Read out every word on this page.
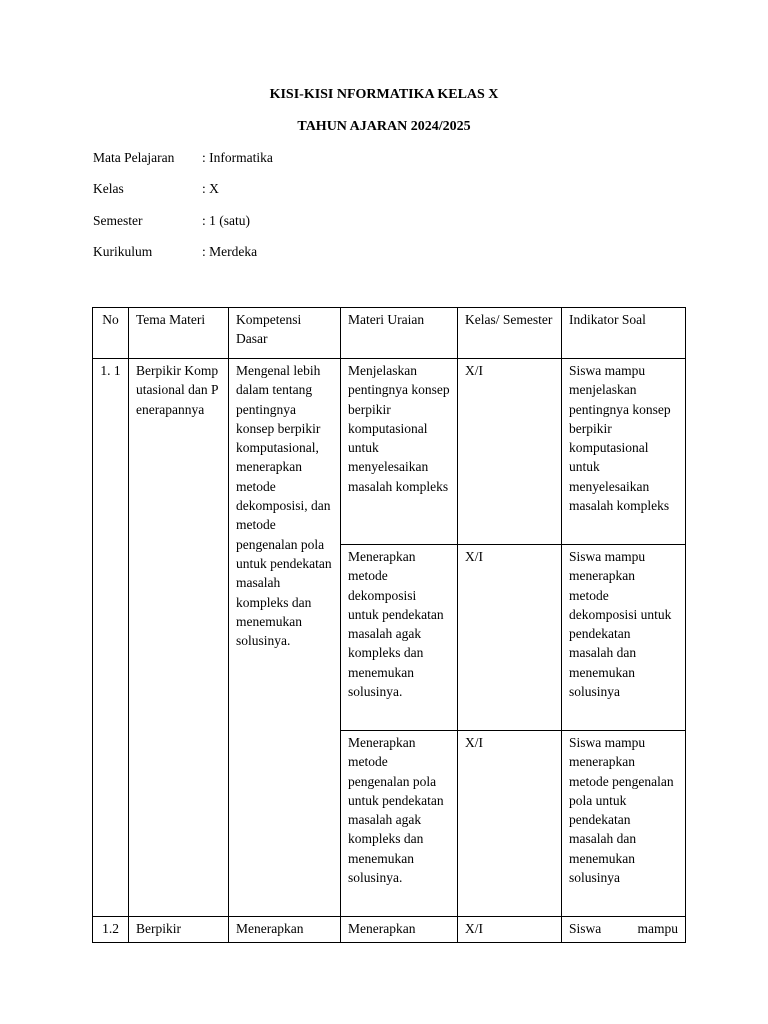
KISI-KISI NFORMATIKA KELAS X
TAHUN AJARAN 2024/2025
Mata Pelajaran : Informatika
Kelas	: X
Semester	: 1 (satu)
Kurikulum	: Merdeka
No	Tema Materi	Kompetensi Dasar	Materi Uraian	Kelas/ Semester	Indikator Soal
1. 1	Berpikir Komputasional dan Penerapannya	Mengenal lebih dalam tentang pentingnya konsep berpikir komputasional, menerapkan metode dekomposisi, dan metode pengenalan pola untuk pendekatan masalah kompleks dan menemukan solusinya.	Menjelaskan pentingnya konsep berpikir komputasional untuk menyelesaikan masalah kompleks	X/I	Siswa mampu menjelaskan pentingnya konsep berpikir komputasional untuk menyelesaikan masalah kompleks
			Menerapkan metode dekomposisi untuk pendekatan masalah agak kompleks dan menemukan solusinya.	X/I	Siswa mampu menerapkan metode dekomposisi untuk pendekatan masalah dan menemukan solusinya
			Menerapkan metode pengenalan pola untuk pendekatan masalah agak kompleks dan menemukan solusinya.	X/I	Siswa mampu menerapkan metode pengenalan pola untuk pendekatan masalah dan menemukan solusinya
1.2	Berpikir	Menerapkan	Menerapkan	X/I	Siswa mampu
